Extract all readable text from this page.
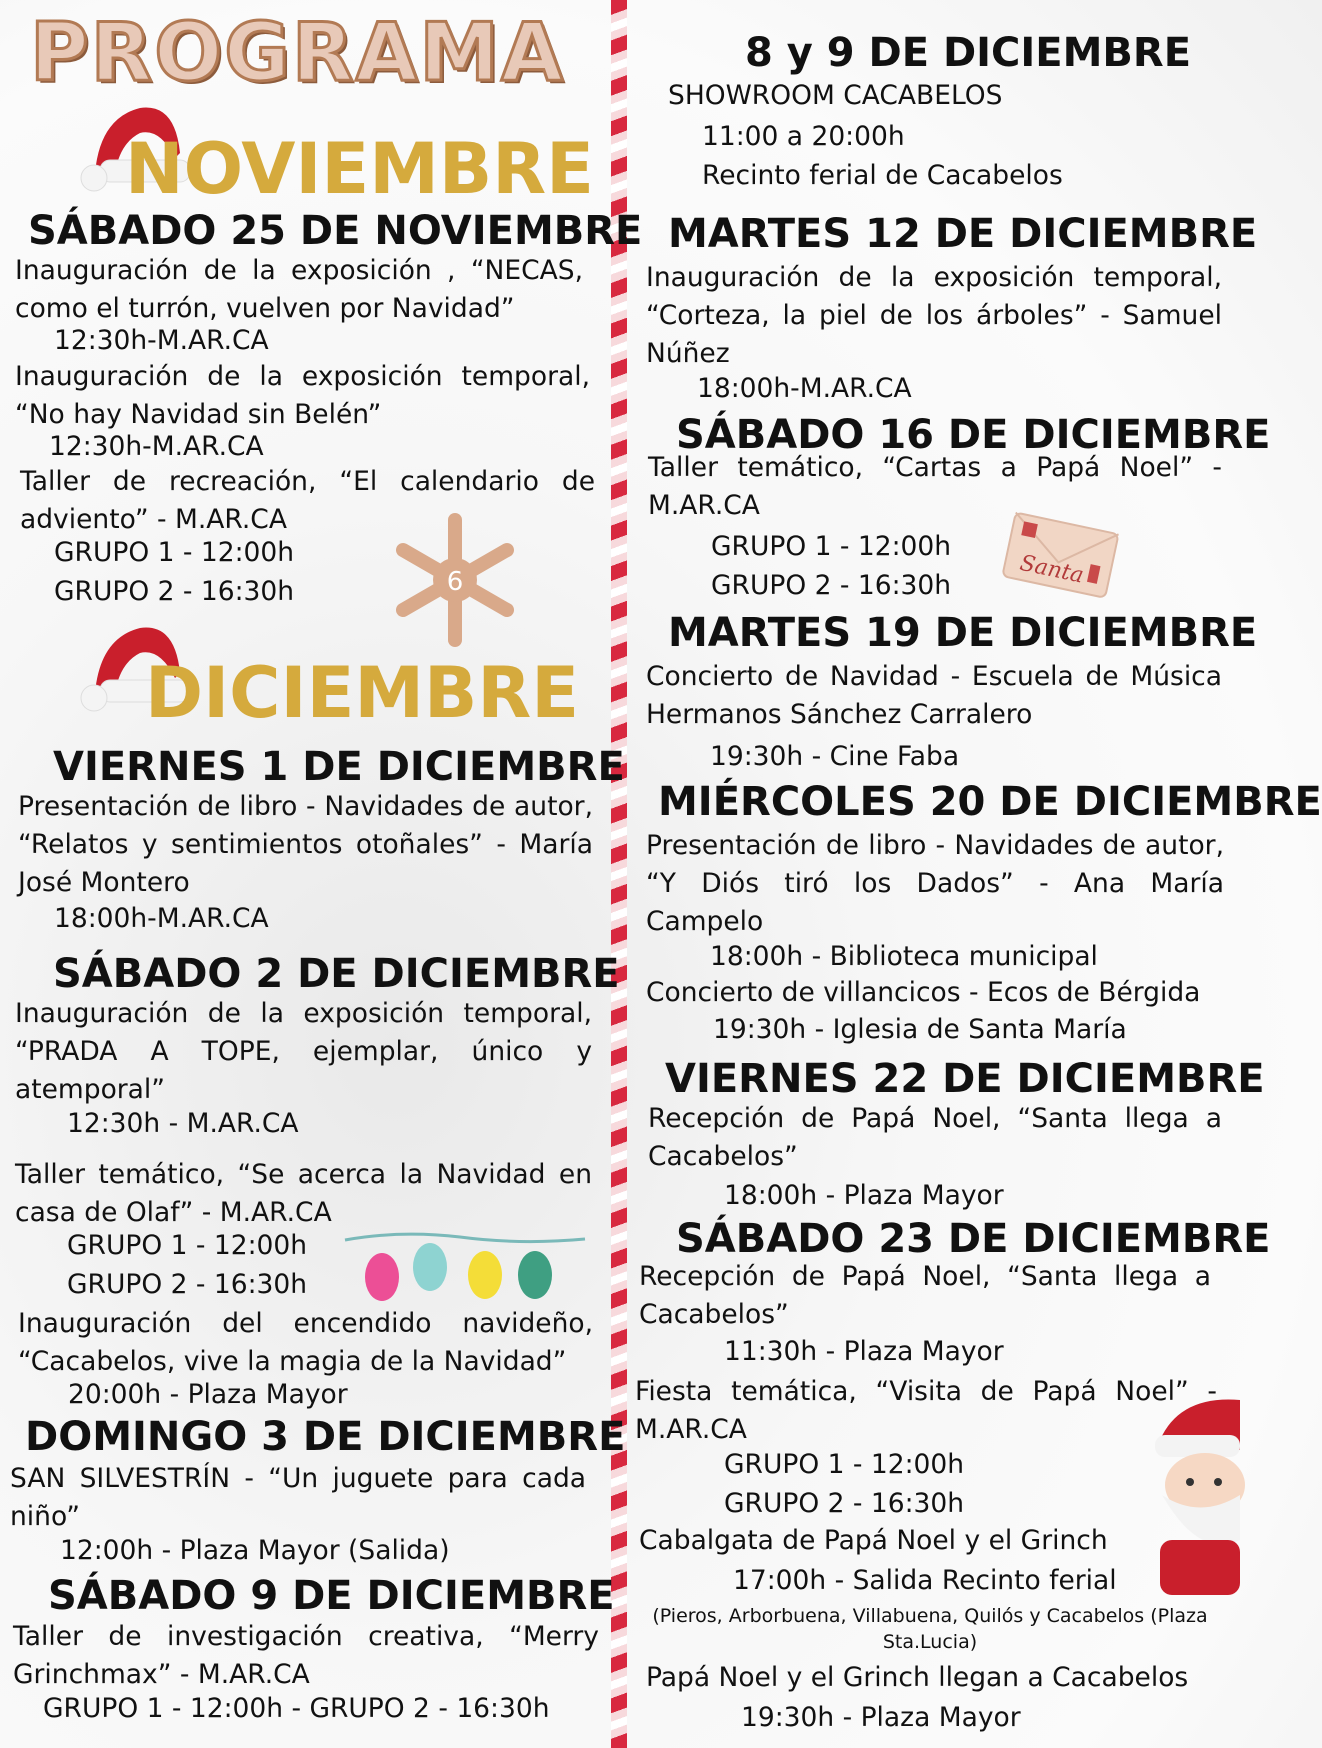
PROGRAMA
NOVIEMBRE
SÁBADO 25 DE NOVIEMBRE
Inauguración de la exposición , “NECAS, como el turrón, vuelven por Navidad”
12:30h-M.AR.CA
Inauguración de la exposición temporal, “No hay Navidad sin Belén”
12:30h-M.AR.CA
Taller de recreación, “El calendario de adviento” - M.AR.CA
GRUPO 1 - 12:00h
GRUPO 2 - 16:30h	6
DICIEMBRE
VIERNES 1 DE DICIEMBRE
Presentación de libro - Navidades de autor, “Relatos y sentimientos otoñales” - María José Montero
18:00h-M.AR.CA
SÁBADO 2 DE DICIEMBRE
Inauguración de la exposición temporal, “PRADA A TOPE, ejemplar, único y atemporal”
12:30h - M.AR.CA
Taller temático, “Se acerca la Navidad en casa de Olaf” - M.AR.CA
GRUPO 1 - 12:00h
GRUPO 2 - 16:30h
Inauguración del encendido navideño, “Cacabelos, vive la magia de la Navidad”
20:00h - Plaza Mayor
DOMINGO 3 DE DICIEMBRE
SAN SILVESTRÍN - “Un juguete para cada niño”
12:00h - Plaza Mayor (Salida)
SÁBADO 9 DE DICIEMBRE
Taller de investigación creativa, “Merry Grinchmax” - M.AR.CA
GRUPO 1 - 12:00h - GRUPO 2 - 16:30h
8 y 9 DE DICIEMBRE
SHOWROOM CACABELOS
11:00 a 20:00h
Recinto ferial de Cacabelos
MARTES 12 DE DICIEMBRE
Inauguración de la exposición temporal, “Corteza, la piel de los árboles” - Samuel Núñez
18:00h-M.AR.CA
SÁBADO 16 DE DICIEMBRE
Taller temático, “Cartas a Papá Noel” - M.AR.CA
GRUPO 1 - 12:00h
GRUPO 2 - 16:30h	Santa
MARTES 19 DE DICIEMBRE
Concierto de Navidad - Escuela de Música Hermanos Sánchez Carralero
19:30h - Cine Faba
MIÉRCOLES 20 DE DICIEMBRE
Presentación de libro - Navidades de autor, “Y Diós tiró los Dados” - Ana María Campelo
18:00h - Biblioteca municipal
Concierto de villancicos - Ecos de Bérgida
19:30h - Iglesia de Santa María
VIERNES 22 DE DICIEMBRE
Recepción de Papá Noel, “Santa llega a Cacabelos”
18:00h - Plaza Mayor
SÁBADO 23 DE DICIEMBRE
Recepción de Papá Noel, “Santa llega a Cacabelos”
11:30h - Plaza Mayor
Fiesta temática, “Visita de Papá Noel” - M.AR.CA
GRUPO 1 - 12:00h
GRUPO 2 - 16:30h
Cabalgata de Papá Noel y el Grinch
17:00h - Salida Recinto ferial
(Pieros, Arborbuena, Villabuena, Quilós y Cacabelos (Plaza Sta.Lucia)
Papá Noel y el Grinch llegan a Cacabelos
19:30h - Plaza Mayor
